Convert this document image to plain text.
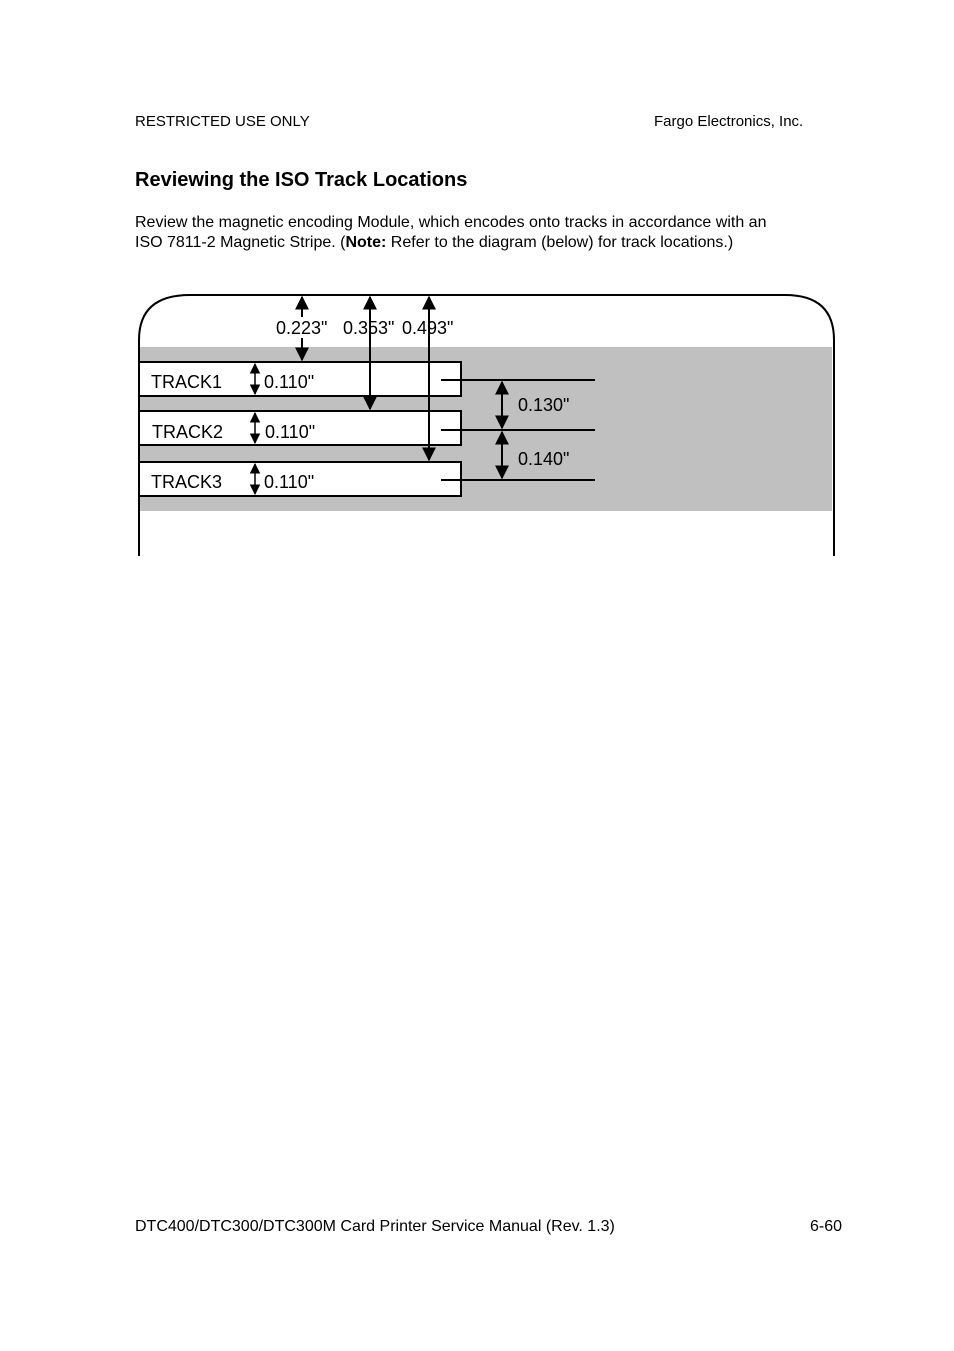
RESTRICTED USE ONLY	Fargo Electronics, Inc.
Reviewing the ISO Track Locations

Review the magnetic encoding Module, which encodes onto tracks in accordance with an
ISO 7811-2 Magnetic Stripe. (Note: Refer to the diagram (below) for track locations.)

0.223" 0.353" 0.493"
TRACK1
TRACK2
TRACK3
0.110"
0.110"
0.110"
0.130"
0.140"
DTC400/DTC300/DTC300M Card Printer Service Manual (Rev. 1.3)	6-60
